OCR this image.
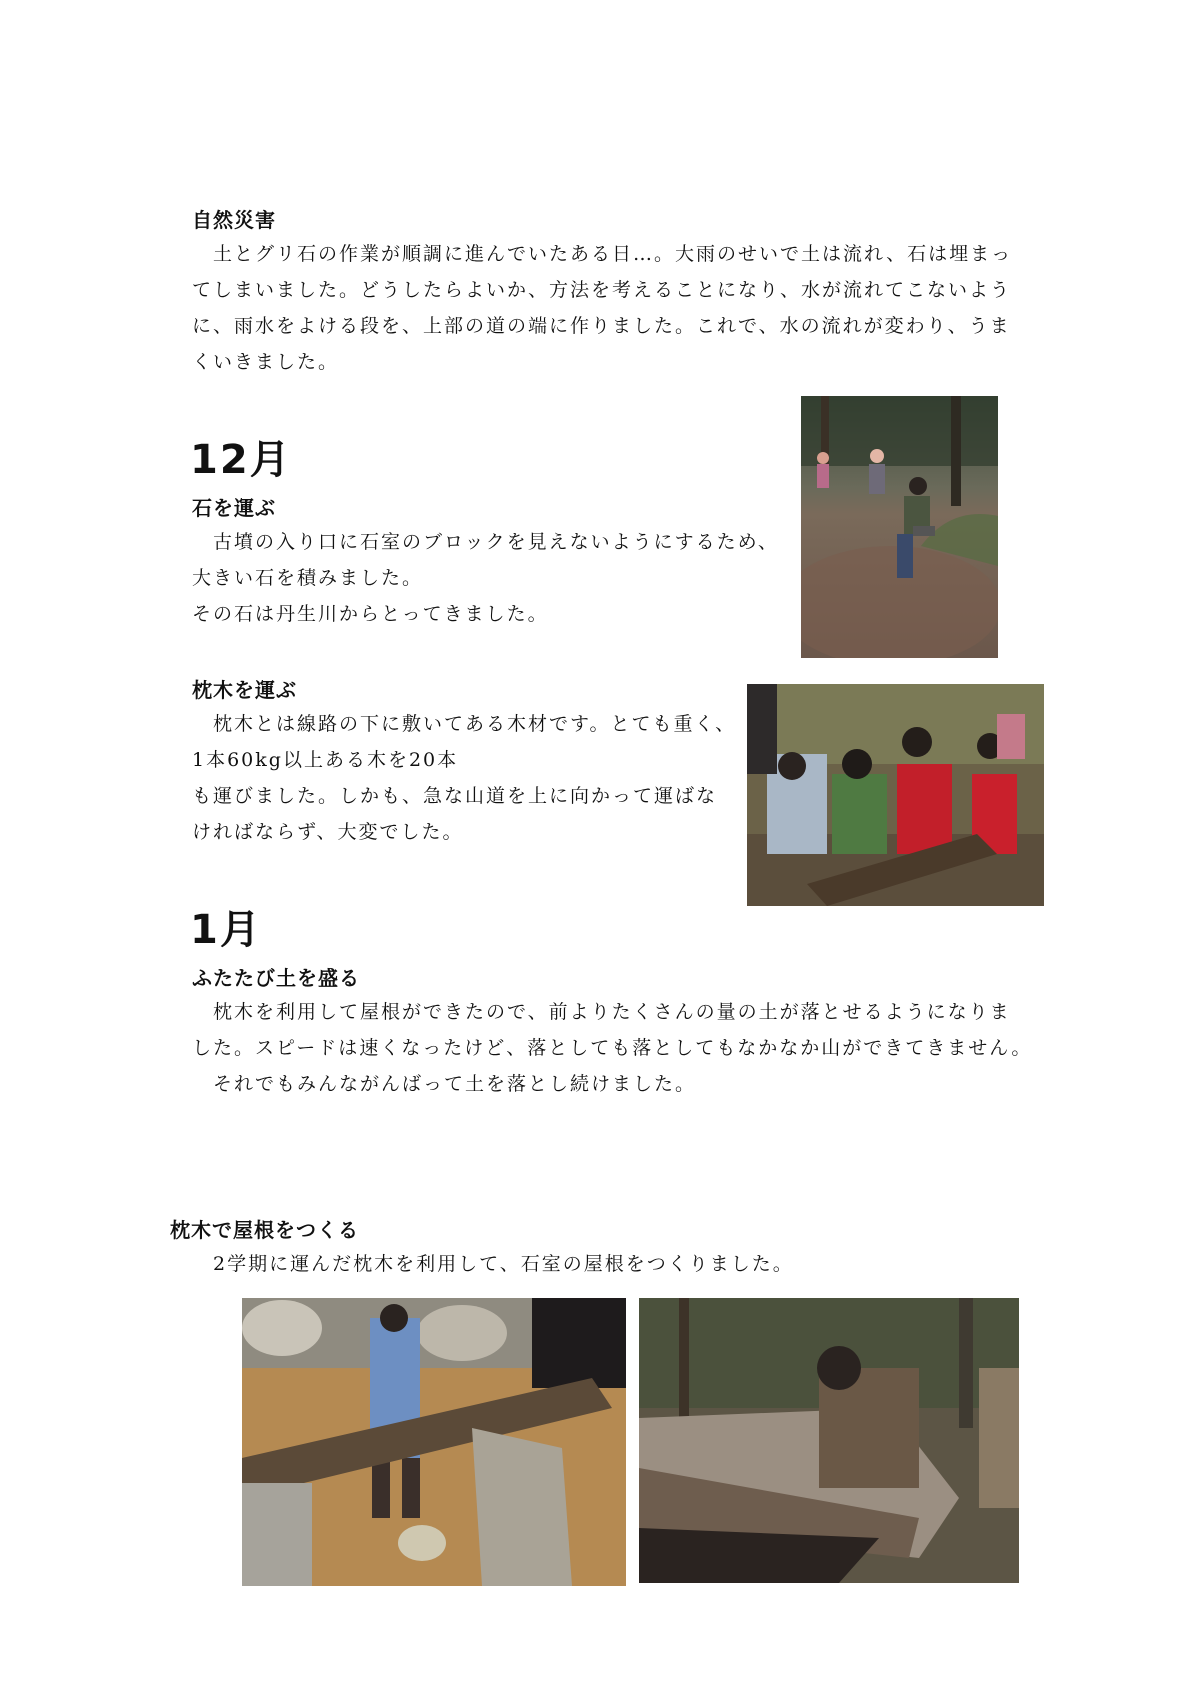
自然災害
　土とグリ石の作業が順調に進んでいたある日…。大雨のせいで土は流れ、石は埋まっ
てしまいました。どうしたらよいか、方法を考えることになり、水が流れてこないよう
に、雨水をよける段を、上部の道の端に作りました。これで、水の流れが変わり、うま
くいきました。
12月
石を運ぶ
　古墳の入り口に石室のブロックを見えないようにするため、
大きい石を積みました。
その石は丹生川からとってきました。
枕木を運ぶ
　枕木とは線路の下に敷いてある木材です。とても重く、
1本60kg以上ある木を20本
も運びました。しかも、急な山道を上に向かって運ばな
ければならず、大変でした。
1月
ふたたび土を盛る
　枕木を利用して屋根ができたので、前よりたくさんの量の土が落とせるようになりま
した。スピードは速くなったけど、落としても落としてもなかなか山ができてきません。
　それでもみんながんばって土を落とし続けました。
枕木で屋根をつくる
　2学期に運んだ枕木を利用して、石室の屋根をつくりました。
